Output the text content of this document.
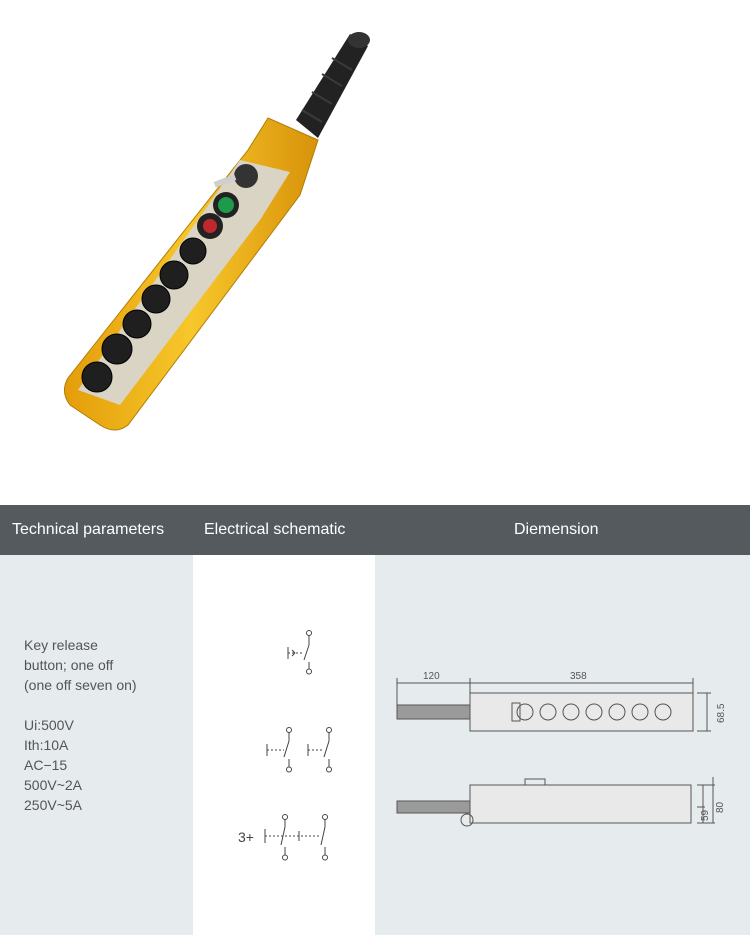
Technical parameters Electrical schematic	Diemension
Key release
button; one off
(one off seven on)
Ui:500V
Ith:10A
AC−15
500V~2A
250V~5A
3+
120	358
68.5
59
80
